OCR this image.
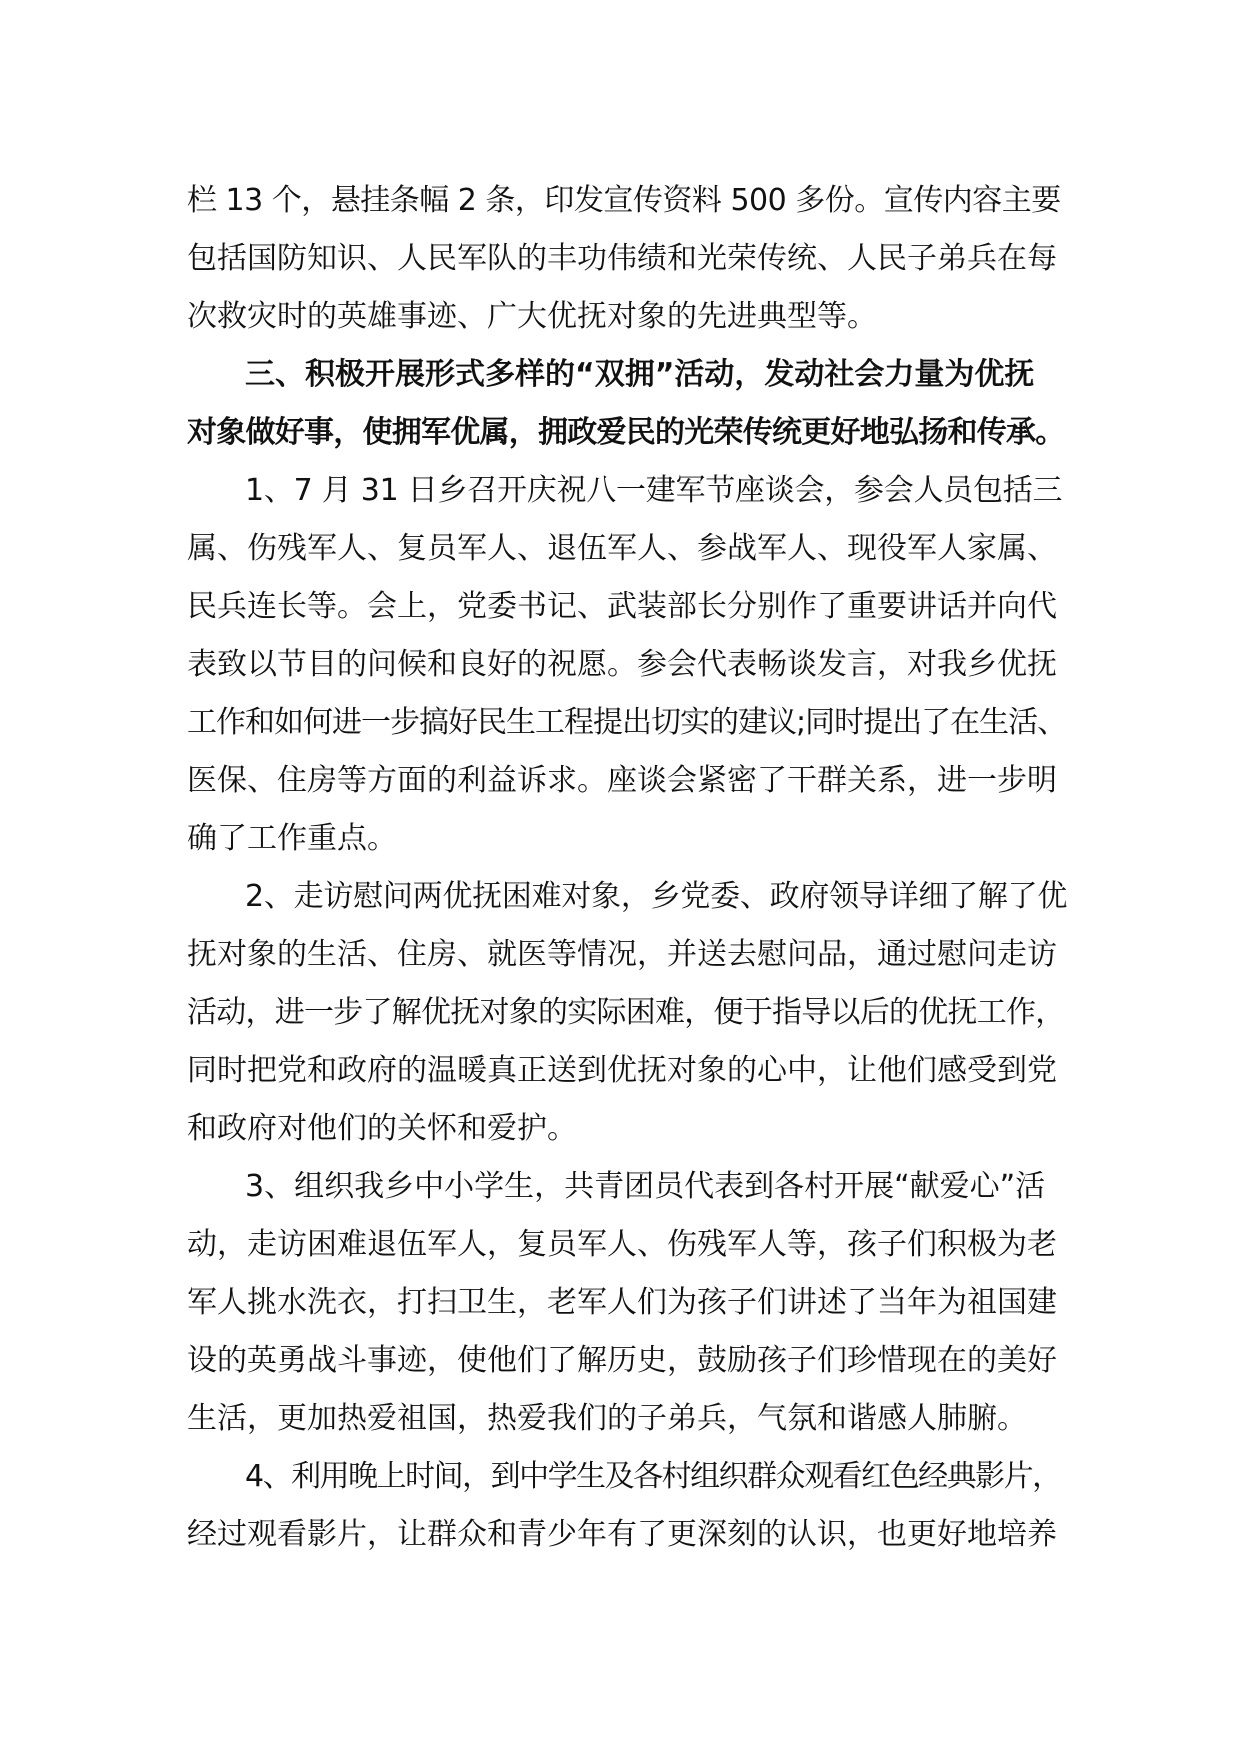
栏 13 个，悬挂条幅 2 条，印发宣传资料 500 多份。宣传内容主要
包括国防知识、人民军队的丰功伟绩和光荣传统、人民子弟兵在每
次救灾时的英雄事迹、广大优抚对象的先进典型等。
三、积极开展形式多样的“双拥”活动，发动社会力量为优抚
对象做好事，使拥军优属，拥政爱民的光荣传统更好地弘扬和传承。
1、7 月 31 日乡召开庆祝八一建军节座谈会，参会人员包括三
属、伤残军人、复员军人、退伍军人、参战军人、现役军人家属、
民兵连长等。会上，党委书记、武装部长分别作了重要讲话并向代
表致以节目的问候和良好的祝愿。参会代表畅谈发言，对我乡优抚
工作和如何进一步搞好民生工程提出切实的建议;同时提出了在生活、
医保、住房等方面的利益诉求。座谈会紧密了干群关系，进一步明
确了工作重点。
2、走访慰问两优抚困难对象，乡党委、政府领导详细了解了优
抚对象的生活、住房、就医等情况，并送去慰问品，通过慰问走访
活动，进一步了解优抚对象的实际困难，便于指导以后的优抚工作，
同时把党和政府的温暖真正送到优抚对象的心中，让他们感受到党
和政府对他们的关怀和爱护。
3、组织我乡中小学生，共青团员代表到各村开展“献爱心”活
动，走访困难退伍军人，复员军人、伤残军人等，孩子们积极为老
军人挑水洗衣，打扫卫生，老军人们为孩子们讲述了当年为祖国建
设的英勇战斗事迹，使他们了解历史，鼓励孩子们珍惜现在的美好
生活，更加热爱祖国，热爱我们的子弟兵，气氛和谐感人肺腑。
4、利用晚上时间，到中学生及各村组织群众观看红色经典影片，
经过观看影片，让群众和青少年有了更深刻的认识，也更好地培养
